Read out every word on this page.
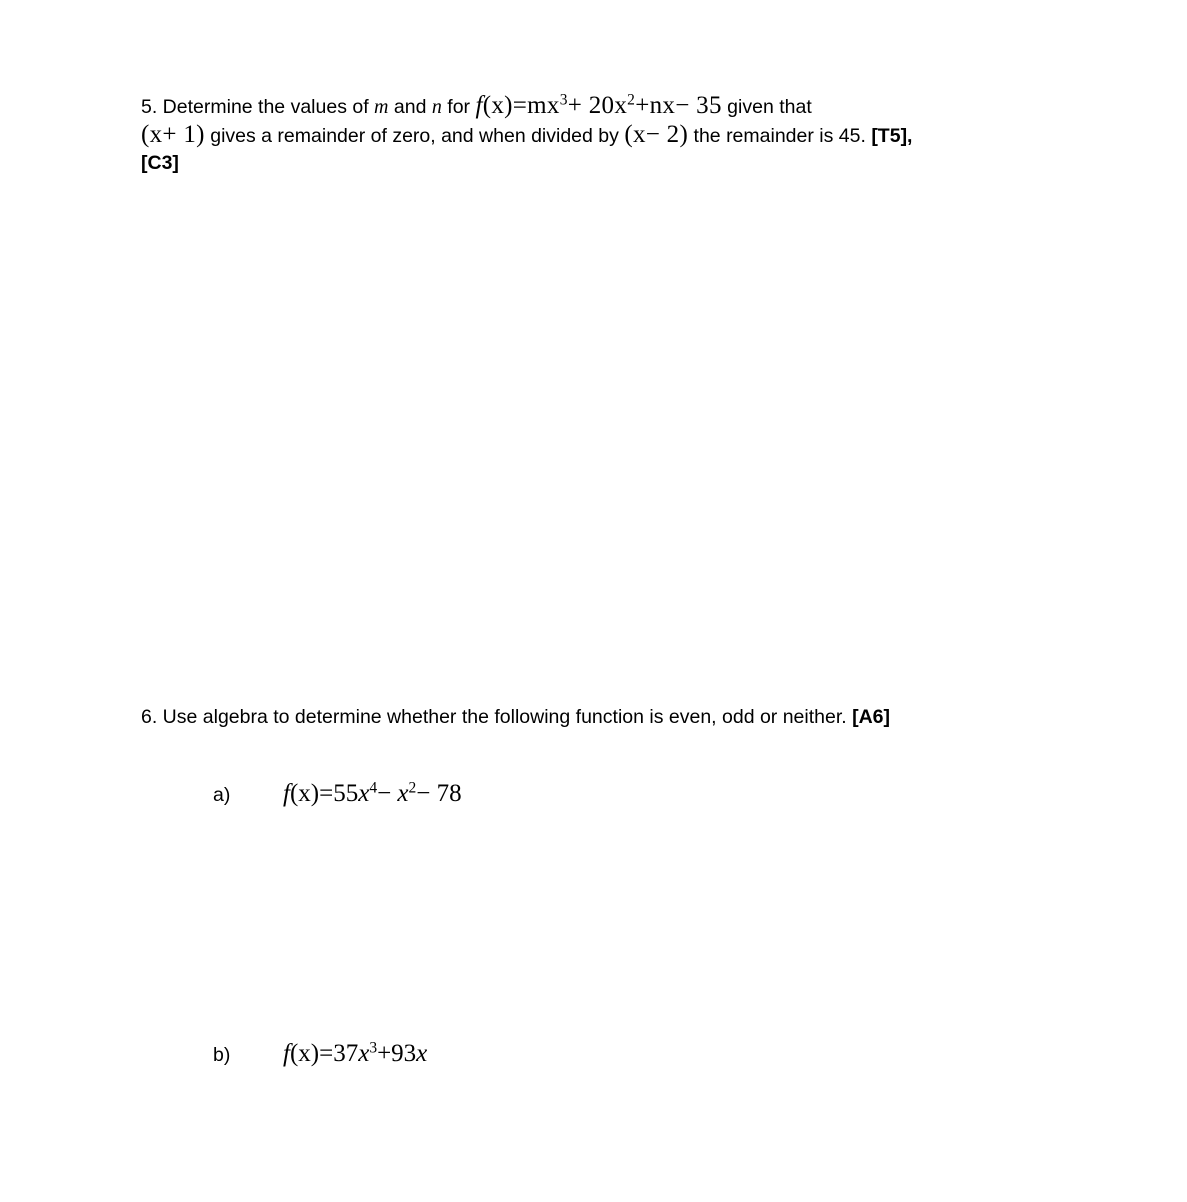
5. Determine the values of m and n for $f(x)=mx^3+ 20x^2+nx- 35$ given that
(x+ 1) gives a remainder of zero, and when divided by (x− 2) the remainder is 45. [T5],
[C3]
6. Use algebra to determine whether the following function is even, odd or neither. [A6]
a) $f(x)=55x^4- x^2- 78$
b) $f(x)=37x^3+93x$
